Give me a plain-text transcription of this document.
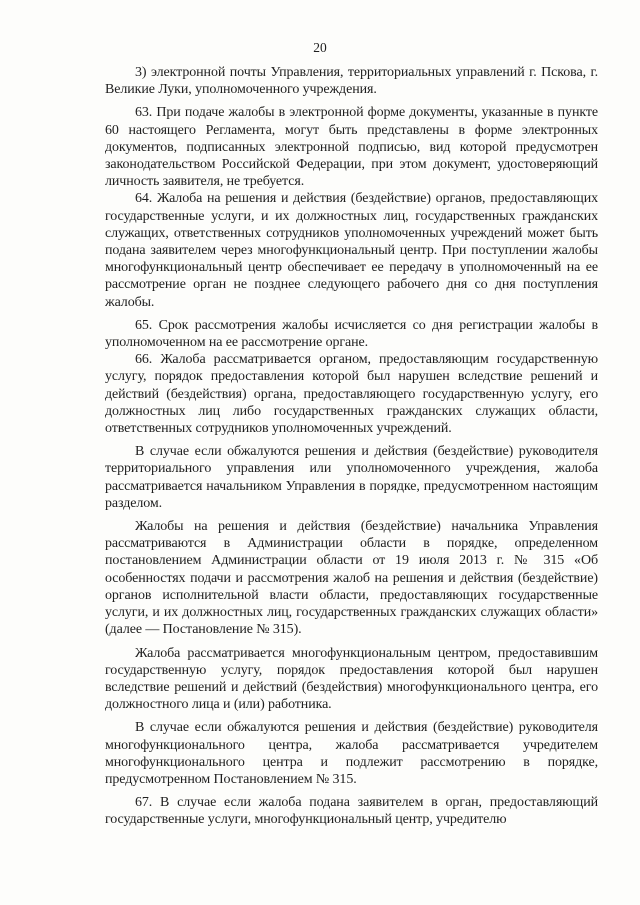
20

3) электронной почты Управления, территориальных управлений г. Пскова, г. Великие Луки, уполномоченного учреждения.

63. При подаче жалобы в электронной форме документы, указанные в пункте 60 настоящего Регламента, могут быть представлены в форме электронных документов, подписанных электронной подписью, вид которой предусмотрен законодательством Российской Федерации, при этом документ, удостоверяющий личность заявителя, не требуется.

64. Жалоба на решения и действия (бездействие) органов, предоставляющих государственные услуги, и их должностных лиц, государственных гражданских служащих, ответственных сотрудников уполномоченных учреждений может быть подана заявителем через многофункциональный центр. При поступлении жалобы многофункциональный центр обеспечивает ее передачу в уполномоченный на ее рассмотрение орган не позднее следующего рабочего дня со дня поступления жалобы.

65. Срок рассмотрения жалобы исчисляется со дня регистрации жалобы в уполномоченном на ее рассмотрение органе.

66. Жалоба рассматривается органом, предоставляющим государственную услугу, порядок предоставления которой был нарушен вследствие решений и действий (бездействия) органа, предоставляющего государственную услугу, его должностных лиц либо государственных гражданских служащих области, ответственных сотрудников уполномоченных учреждений.

В случае если обжалуются решения и действия (бездействие) руководителя территориального управления или уполномоченного учреждения, жалоба рассматривается начальником Управления в порядке, предусмотренном настоящим разделом.

Жалобы на решения и действия (бездействие) начальника Управления рассматриваются в Администрации области в порядке, определенном постановлением Администрации области от 19 июля 2013 г. № 315 «Об особенностях подачи и рассмотрения жалоб на решения и действия (бездействие) органов исполнительной власти области, предоставляющих государственные услуги, и их должностных лиц, государственных гражданских служащих области» (далее — Постановление № 315).

Жалоба рассматривается многофункциональным центром, предоставившим государственную услугу, порядок предоставления которой был нарушен вследствие решений и действий (бездействия) многофункционального центра, его должностного лица и (или) работника.

В случае если обжалуются решения и действия (бездействие) руководителя многофункционального центра, жалоба рассматривается учредителем многофункционального центра и подлежит рассмотрению в порядке, предусмотренном Постановлением № 315.

67. В случае если жалоба подана заявителем в орган, предоставляющий государственные услуги, многофункциональный центр, учредителю
